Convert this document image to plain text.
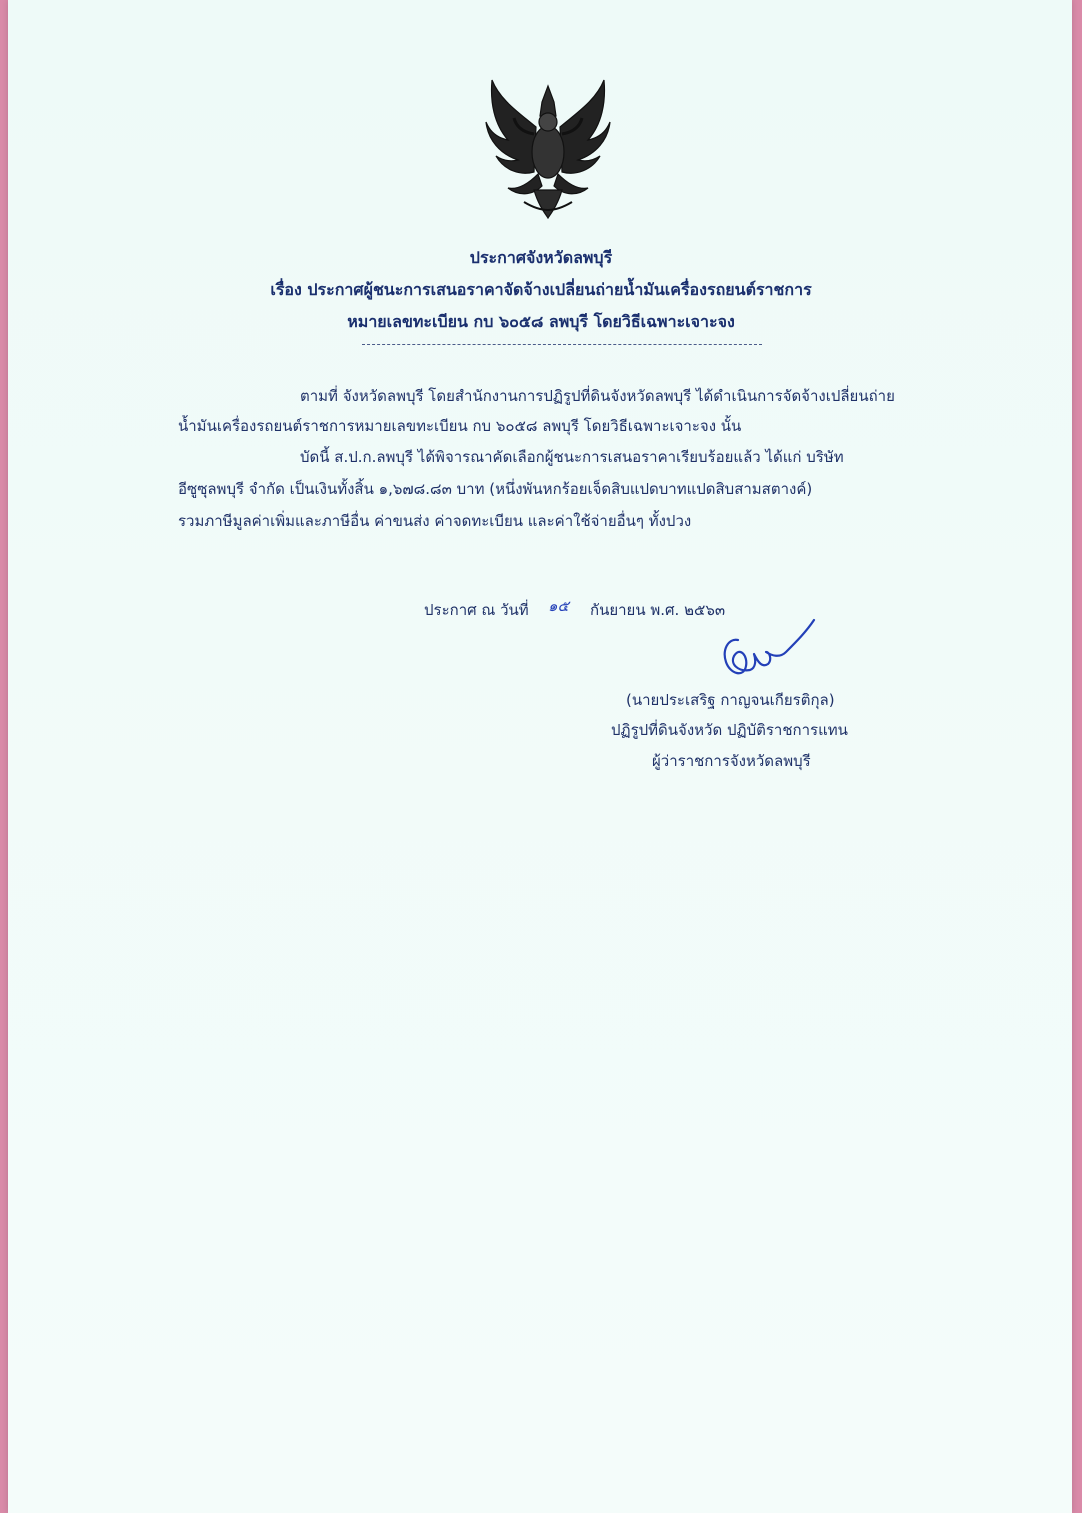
ประกาศจังหวัดลพบุรี
เรื่อง ประกาศผู้ชนะการเสนอราคาจัดจ้างเปลี่ยนถ่ายน้ำมันเครื่องรถยนต์ราชการ
หมายเลขทะเบียน กบ ๖๐๕๘ ลพบุรี โดยวิธีเฉพาะเจาะจง
ตามที่ จังหวัดลพบุรี โดยสำนักงานการปฏิรูปที่ดินจังหวัดลพบุรี ได้ดำเนินการจัดจ้างเปลี่ยนถ่าย
น้ำมันเครื่องรถยนต์ราชการหมายเลขทะเบียน กบ ๖๐๕๘ ลพบุรี โดยวิธีเฉพาะเจาะจง นั้น
บัดนี้ ส.ป.ก.ลพบุรี ได้พิจารณาคัดเลือกผู้ชนะการเสนอราคาเรียบร้อยแล้ว ได้แก่ บริษัท
อีซูซุลพบุรี จำกัด เป็นเงินทั้งสิ้น ๑,๖๗๘.๘๓ บาท (หนึ่งพันหกร้อยเจ็ดสิบแปดบาทแปดสิบสามสตางค์)
รวมภาษีมูลค่าเพิ่มและภาษีอื่น ค่าขนส่ง ค่าจดทะเบียน และค่าใช้จ่ายอื่นๆ ทั้งปวง
ประกาศ ณ วันที่ ๑๕ กันยายน พ.ศ. ๒๕๖๓
(นายประเสริฐ กาญจนเกียรติกุล)
ปฏิรูปที่ดินจังหวัด ปฏิบัติราชการแทน
ผู้ว่าราชการจังหวัดลพบุรี
